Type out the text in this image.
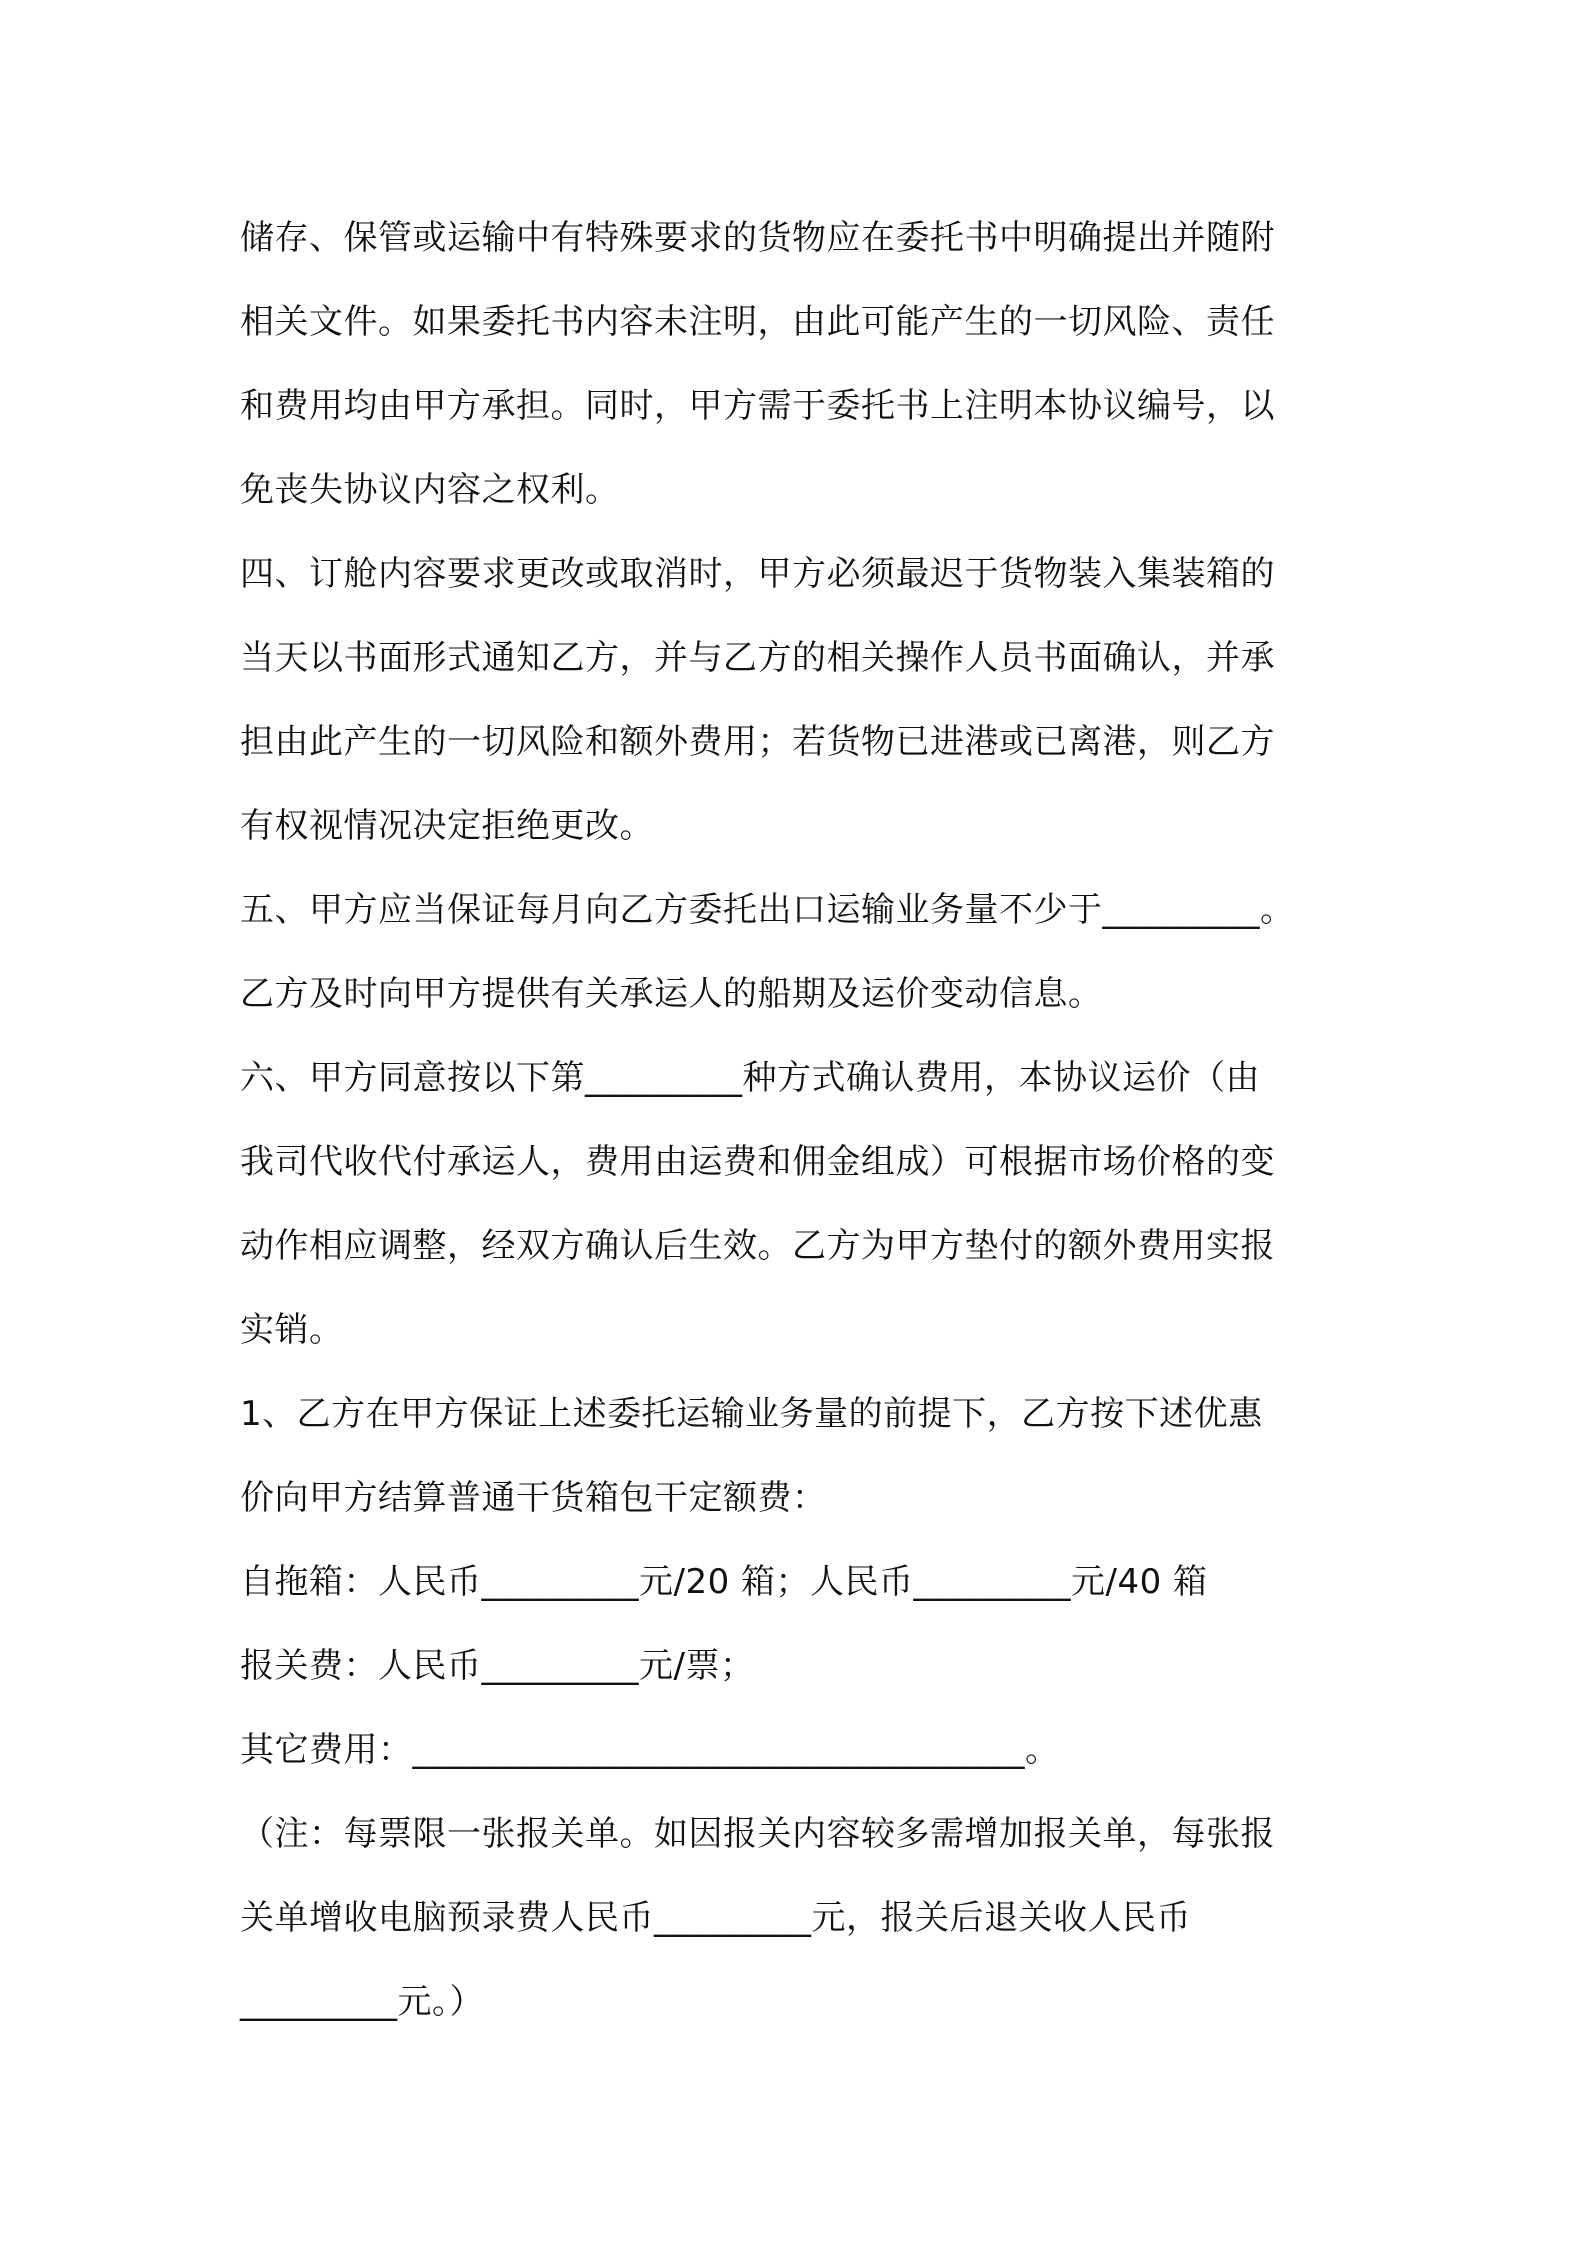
储存、保管或运输中有特殊要求的货物应在委托书中明确提出并随附
相关文件。如果委托书内容未注明，由此可能产生的一切风险、责任
和费用均由甲方承担。同时，甲方需于委托书上注明本协议编号，以
免丧失协议内容之权利。
四、订舱内容要求更改或取消时，甲方必须最迟于货物装入集装箱的
当天以书面形式通知乙方，并与乙方的相关操作人员书面确认，并承
担由此产生的一切风险和额外费用；若货物已进港或已离港，则乙方
有权视情况决定拒绝更改。
五、甲方应当保证每月向乙方委托出口运输业务量不少于_________。
乙方及时向甲方提供有关承运人的船期及运价变动信息。
六、甲方同意按以下第_________种方式确认费用，本协议运价（由
我司代收代付承运人，费用由运费和佣金组成）可根据市场价格的变
动作相应调整，经双方确认后生效。乙方为甲方垫付的额外费用实报
实销。
1、乙方在甲方保证上述委托运输业务量的前提下，乙方按下述优惠
价向甲方结算普通干货箱包干定额费：
自拖箱：人民币_________元/20 箱；人民币_________元/40 箱
报关费：人民币_________元/票；
其它费用：___________________________________。
（注：每票限一张报关单。如因报关内容较多需增加报关单，每张报
关单增收电脑预录费人民币_________元，报关后退关收人民币
_________元。）
